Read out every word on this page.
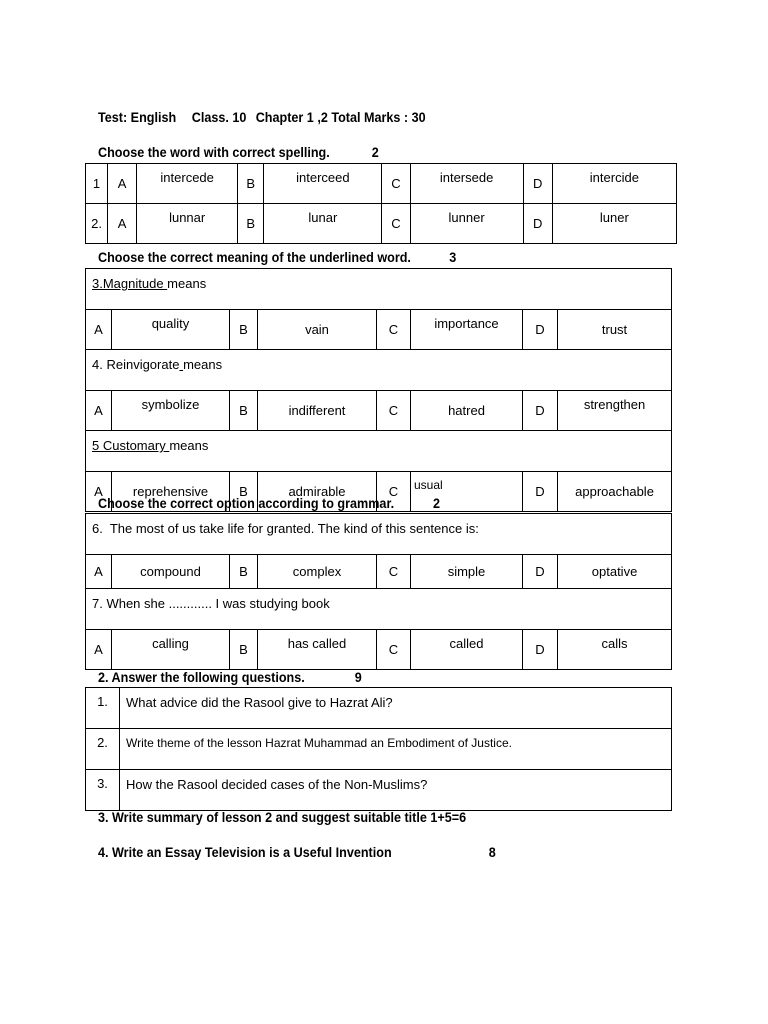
Test: English Class. 10 Chapter 1 ,2 Total Marks : 30

Choose the word with correct spelling.	2

1	A	intercede	B	interceed	C	intersede	D	intercide
2.	A	lunnar	B	lunar	C	lunner	D	luner

Choose the correct meaning of the underlined word.	3

3.Magnitude means							
A	quality	B	vain	C	importance	D	trust
4. Reinvigorate means							
A	symbolize	B	indifferent	C	hatred	D	strengthen
5 Customary means							
A	reprehensive	B	admirable	C	usual	D	approachable

Choose the correct option according to grammar.	2

6.  The most of us take life for granted. The kind of this sentence is:							
A	compound	B	complex	C	simple	D	optative
7. When she ............ I was studying book							
A	calling	B	has called	C	called	D	calls

2. Answer the following questions.	9

1.	What advice did the Rasool give to Hazrat Ali?
2.	Write theme of the lesson Hazrat Muhammad an Embodiment of Justice.
3.	How the Rasool decided cases of the Non-Muslims?

3. Write summary of lesson 2 and suggest suitable title 1+5=6

4. Write an Essay Television is a Useful Invention	8
